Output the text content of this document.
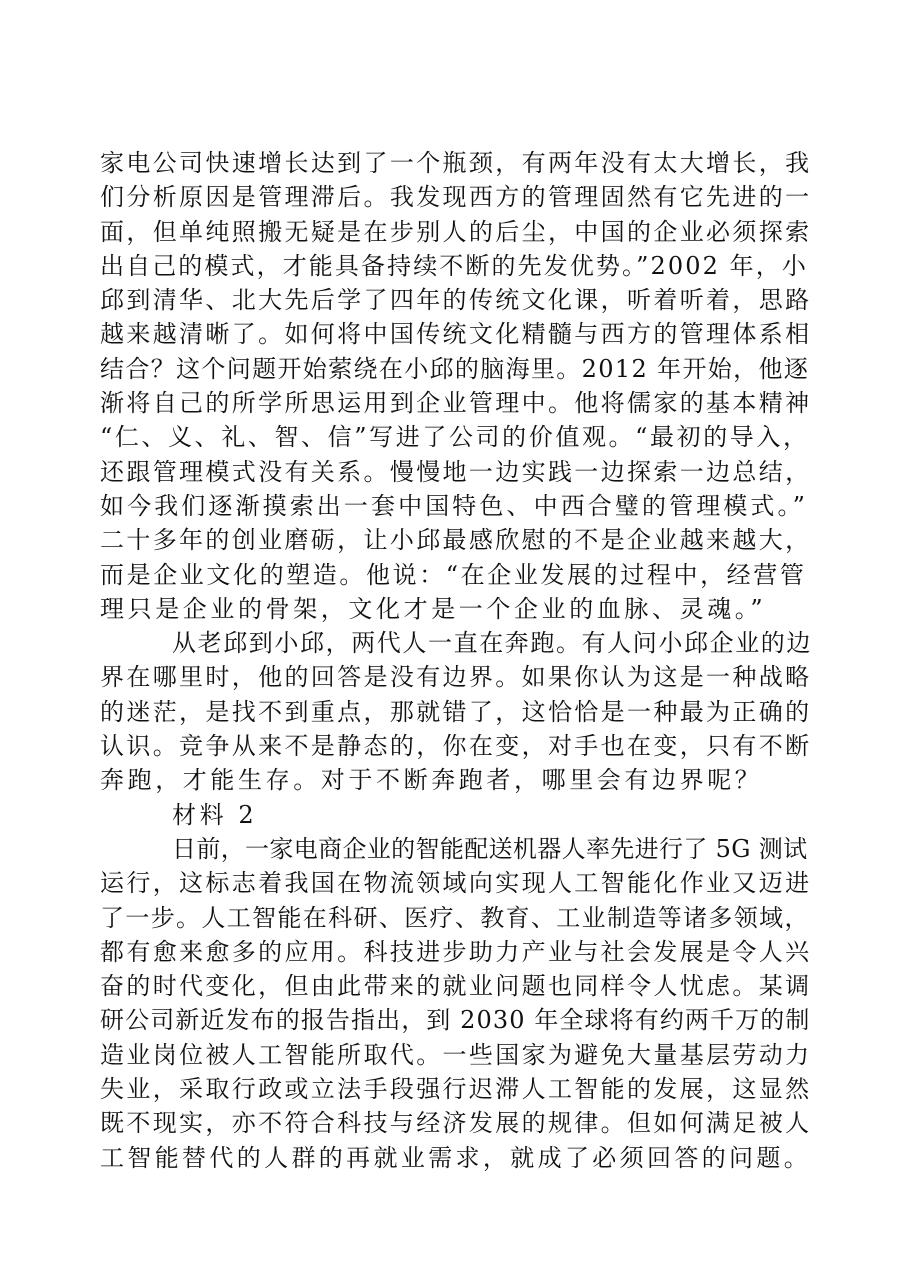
家电公司快速增长达到了一个瓶颈，有两年没有太大增长，我
们分析原因是管理滞后。我发现西方的管理固然有它先进的一
面，但单纯照搬无疑是在步别人的后尘，中国的企业必须探索
出自己的模式，才能具备持续不断的先发优势。”2002 年，小
邱到清华、北大先后学了四年的传统文化课，听着听着，思路
越来越清晰了。如何将中国传统文化精髓与西方的管理体系相
结合？这个问题开始萦绕在小邱的脑海里。2012 年开始，他逐
渐将自己的所学所思运用到企业管理中。他将儒家的基本精神
“仁、义、礼、智、信”写进了公司的价值观。“最初的导入，
还跟管理模式没有关系。慢慢地一边实践一边探索一边总结，
如今我们逐渐摸索出一套中国特色、中西合璧的管理模式。”
二十多年的创业磨砺，让小邱最感欣慰的不是企业越来越大，
而是企业文化的塑造。他说：“在企业发展的过程中，经营管
理只是企业的骨架，文化才是一个企业的血脉、灵魂。”
从老邱到小邱，两代人一直在奔跑。有人问小邱企业的边
界在哪里时，他的回答是没有边界。如果你认为这是一种战略
的迷茫，是找不到重点，那就错了，这恰恰是一种最为正确的
认识。竞争从来不是静态的，你在变，对手也在变，只有不断
奔跑，才能生存。对于不断奔跑者，哪里会有边界呢？
材料 2
日前，一家电商企业的智能配送机器人率先进行了 5G 测试
运行，这标志着我国在物流领域向实现人工智能化作业又迈进
了一步。人工智能在科研、医疗、教育、工业制造等诸多领域，
都有愈来愈多的应用。科技进步助力产业与社会发展是令人兴
奋的时代变化，但由此带来的就业问题也同样令人忧虑。某调
研公司新近发布的报告指出，到 2030 年全球将有约两千万的制
造业岗位被人工智能所取代。一些国家为避免大量基层劳动力
失业，采取行政或立法手段强行迟滞人工智能的发展，这显然
既不现实，亦不符合科技与经济发展的规律。但如何满足被人
工智能替代的人群的再就业需求，就成了必须回答的问题。
